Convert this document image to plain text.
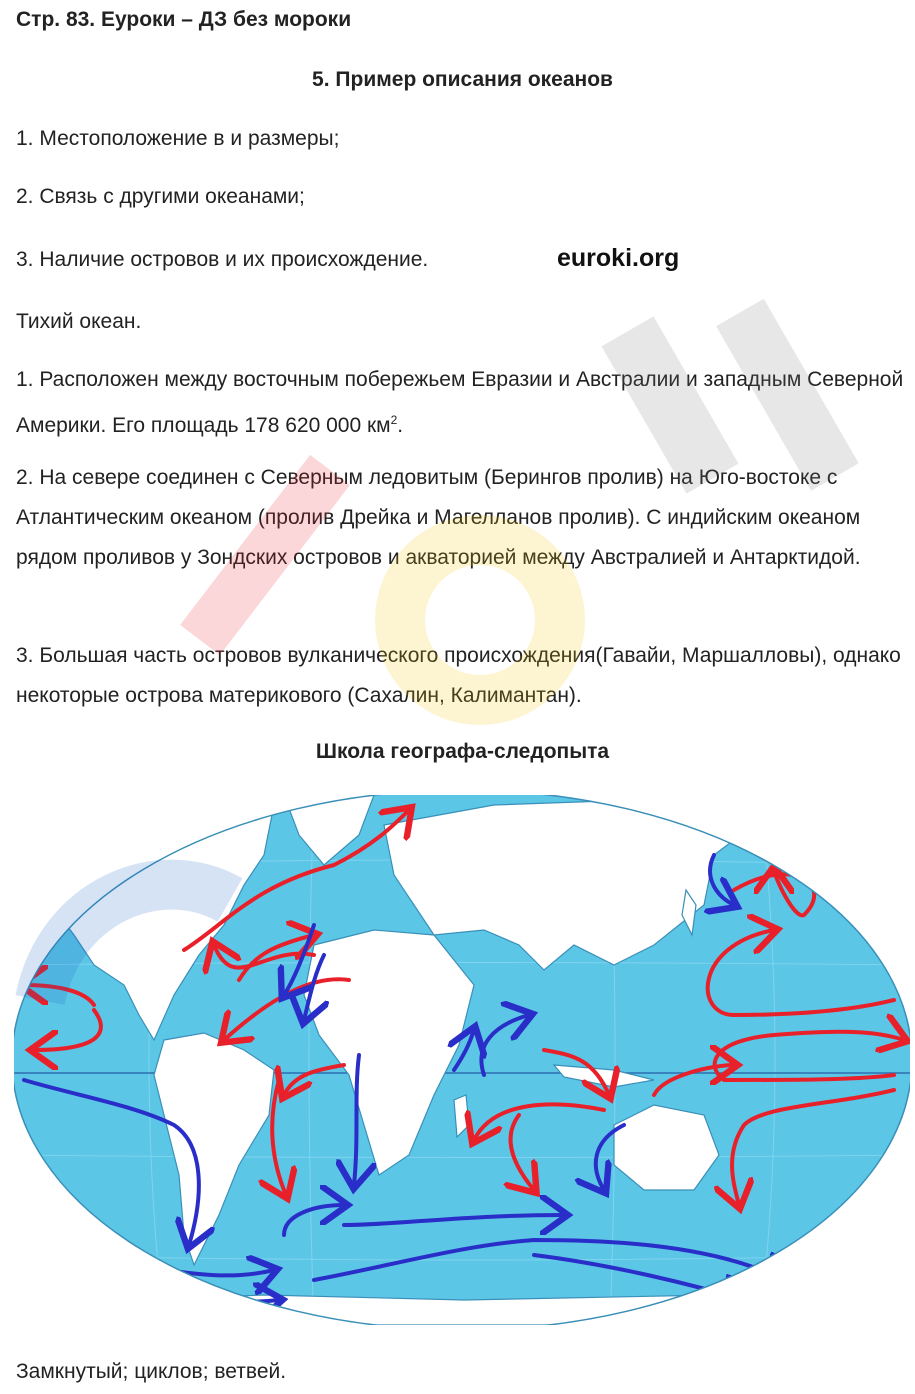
Стр. 83. Еуроки – ДЗ без мороки
5. Пример описания океанов
1. Местоположение в и размеры;
2. Связь с другими океанами;
3. Наличие островов и их происхождение.	euroki.org
Тихий океан.
1. Расположен между восточным побережьем Евразии и Австралии и западным Северной Америки. Его площадь 178 620 000 $км^2$.
2. На севере соединен с Северным ледовитым (Берингов пролив) на Юго-востоке с Атлантическим океаном (пролив Дрейка и Магелланов пролив). С индийским океаном рядом проливов у Зондских островов и акваторией между Австралией и Антарктидой.
3. Большая часть островов вулканического происхождения(Гавайи, Маршалловы), однако некоторые острова материкового (Сахалин, Калимантан).
Школа географа-следопыта
Замкнутый; циклов; ветвей.
